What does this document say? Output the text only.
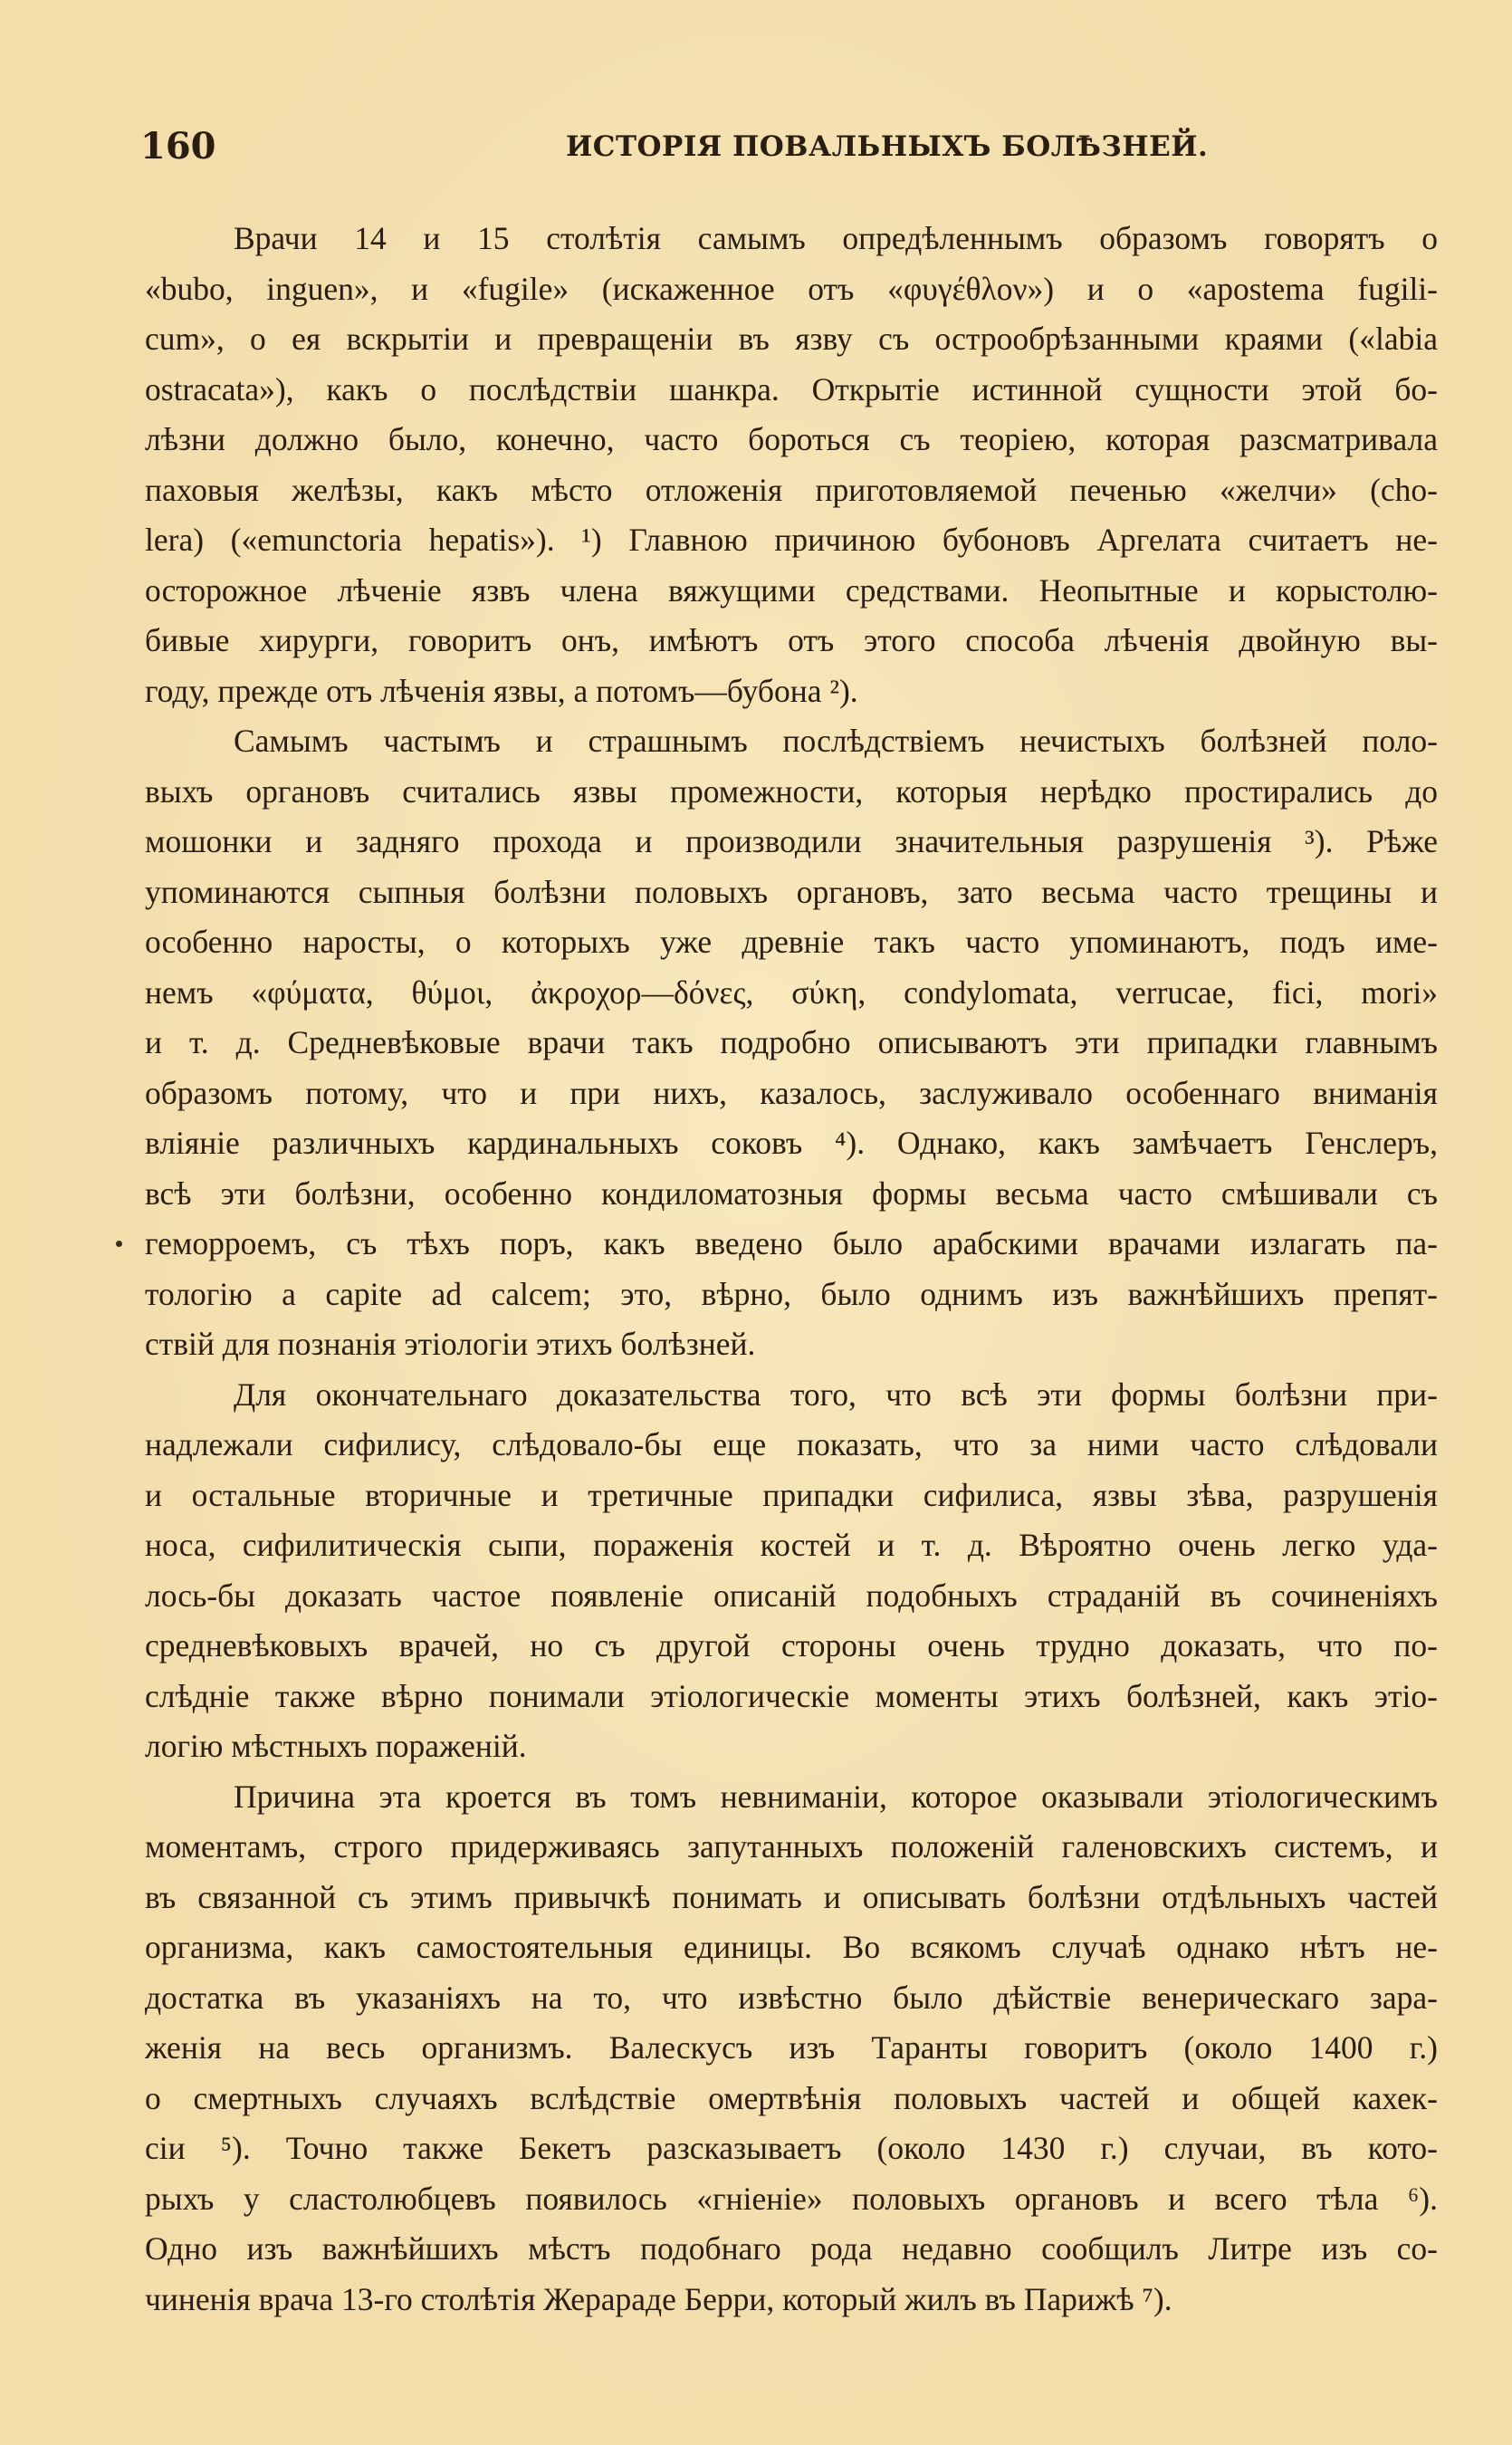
160	ИСТОРІЯ ПОВАЛЬНЫХЪ БОЛѢЗНЕЙ.

Врачи 14 и 15 столѣтія самымъ опредѣленнымъ образомъ говорятъ о
«bubo, inguen», и «fugile» (искаженное отъ «φυγέθλον») и о «apostema fugili-
cum», о ея вскрытіи и превращеніи въ язву съ острообрѣзанными краями («labia
ostracata»), какъ о послѣдствіи шанкра. Открытіе истинной сущности этой бо-
лѣзни должно было, конечно, часто бороться съ теоріею, которая разсматривала
паховыя желѣзы, какъ мѣсто отложенія приготовляемой печенью «желчи» (cho-
lera) («emunctoria hepatis»). ¹) Главною причиною бубоновъ Аргелата считаетъ не-
осторожное лѣченіе язвъ члена вяжущими средствами. Неопытные и корыстолю-
бивые хирурги, говоритъ онъ, имѣютъ отъ этого способа лѣченія двойную вы-
году, прежде отъ лѣченія язвы, а потомъ—бубона ²).

Самымъ частымъ и страшнымъ послѣдствіемъ нечистыхъ болѣзней поло-
выхъ органовъ считались язвы промежности, которыя нерѣдко простирались до
мошонки и задняго прохода и производили значительныя разрушенія ³). Рѣже
упоминаются сыпныя болѣзни половыхъ органовъ, зато весьма часто трещины и
особенно наросты, о которыхъ уже древніе такъ часто упоминаютъ, подъ име-
немъ «φύματα, θύμοι, ἀκροχορ—δόνες, σύκη, condylomata, verrucae, fici, mori»
и т. д. Средневѣковые врачи такъ подробно описываютъ эти припадки главнымъ
образомъ потому, что и при нихъ, казалось, заслуживало особеннаго вниманія
вліяніе различныхъ кардинальныхъ соковъ ⁴). Однако, какъ замѣчаетъ Генслеръ,
всѣ эти болѣзни, особенно кондиломатозныя формы весьма часто смѣшивали съ
геморроемъ, съ тѣхъ поръ, какъ введено было арабскими врачами излагать па-
тологію a capite ad calcem; это, вѣрно, было однимъ изъ важнѣйшихъ препят-
ствій для познанія этіологіи этихъ болѣзней.

Для окончательнаго доказательства того, что всѣ эти формы болѣзни при-
надлежали сифилису, слѣдовало-бы еще показать, что за ними часто слѣдовали
и остальные вторичные и третичные припадки сифилиса, язвы зѣва, разрушенія
носа, сифилитическія сыпи, пораженія костей и т. д. Вѣроятно очень легко уда-
лось-бы доказать частое появленіе описаній подобныхъ страданій въ сочиненіяхъ
средневѣковыхъ врачей, но съ другой стороны очень трудно доказать, что по-
слѣдніе также вѣрно понимали этіологическіе моменты этихъ болѣзней, какъ этіо-
логію мѣстныхъ пораженій.

Причина эта кроется въ томъ невниманіи, которое оказывали этіологическимъ
моментамъ, строго придерживаясь запутанныхъ положеній галеновскихъ системъ, и
въ связанной съ этимъ привычкѣ понимать и описывать болѣзни отдѣльныхъ частей
организма, какъ самостоятельныя единицы. Во всякомъ случаѣ однако нѣтъ не-
достатка въ указаніяхъ на то, что извѣстно было дѣйствіе венерическаго зара-
женія на весь организмъ. Валескусъ изъ Таранты говоритъ (около 1400 г.)
о смертныхъ случаяхъ вслѣдствіе омертвѣнія половыхъ частей и общей кахек-
сіи ⁵). Точно также Бекетъ разсказываетъ (около 1430 г.) случаи, въ кото-
рыхъ у сластолюбцевъ появилось «гніеніе» половыхъ органовъ и всего тѣла ⁶).
Одно изъ важнѣйшихъ мѣстъ подобнаго рода недавно сообщилъ Литре изъ со-
чиненія врача 13-го столѣтія Жерараде Берри, который жилъ въ Парижѣ ⁷).
